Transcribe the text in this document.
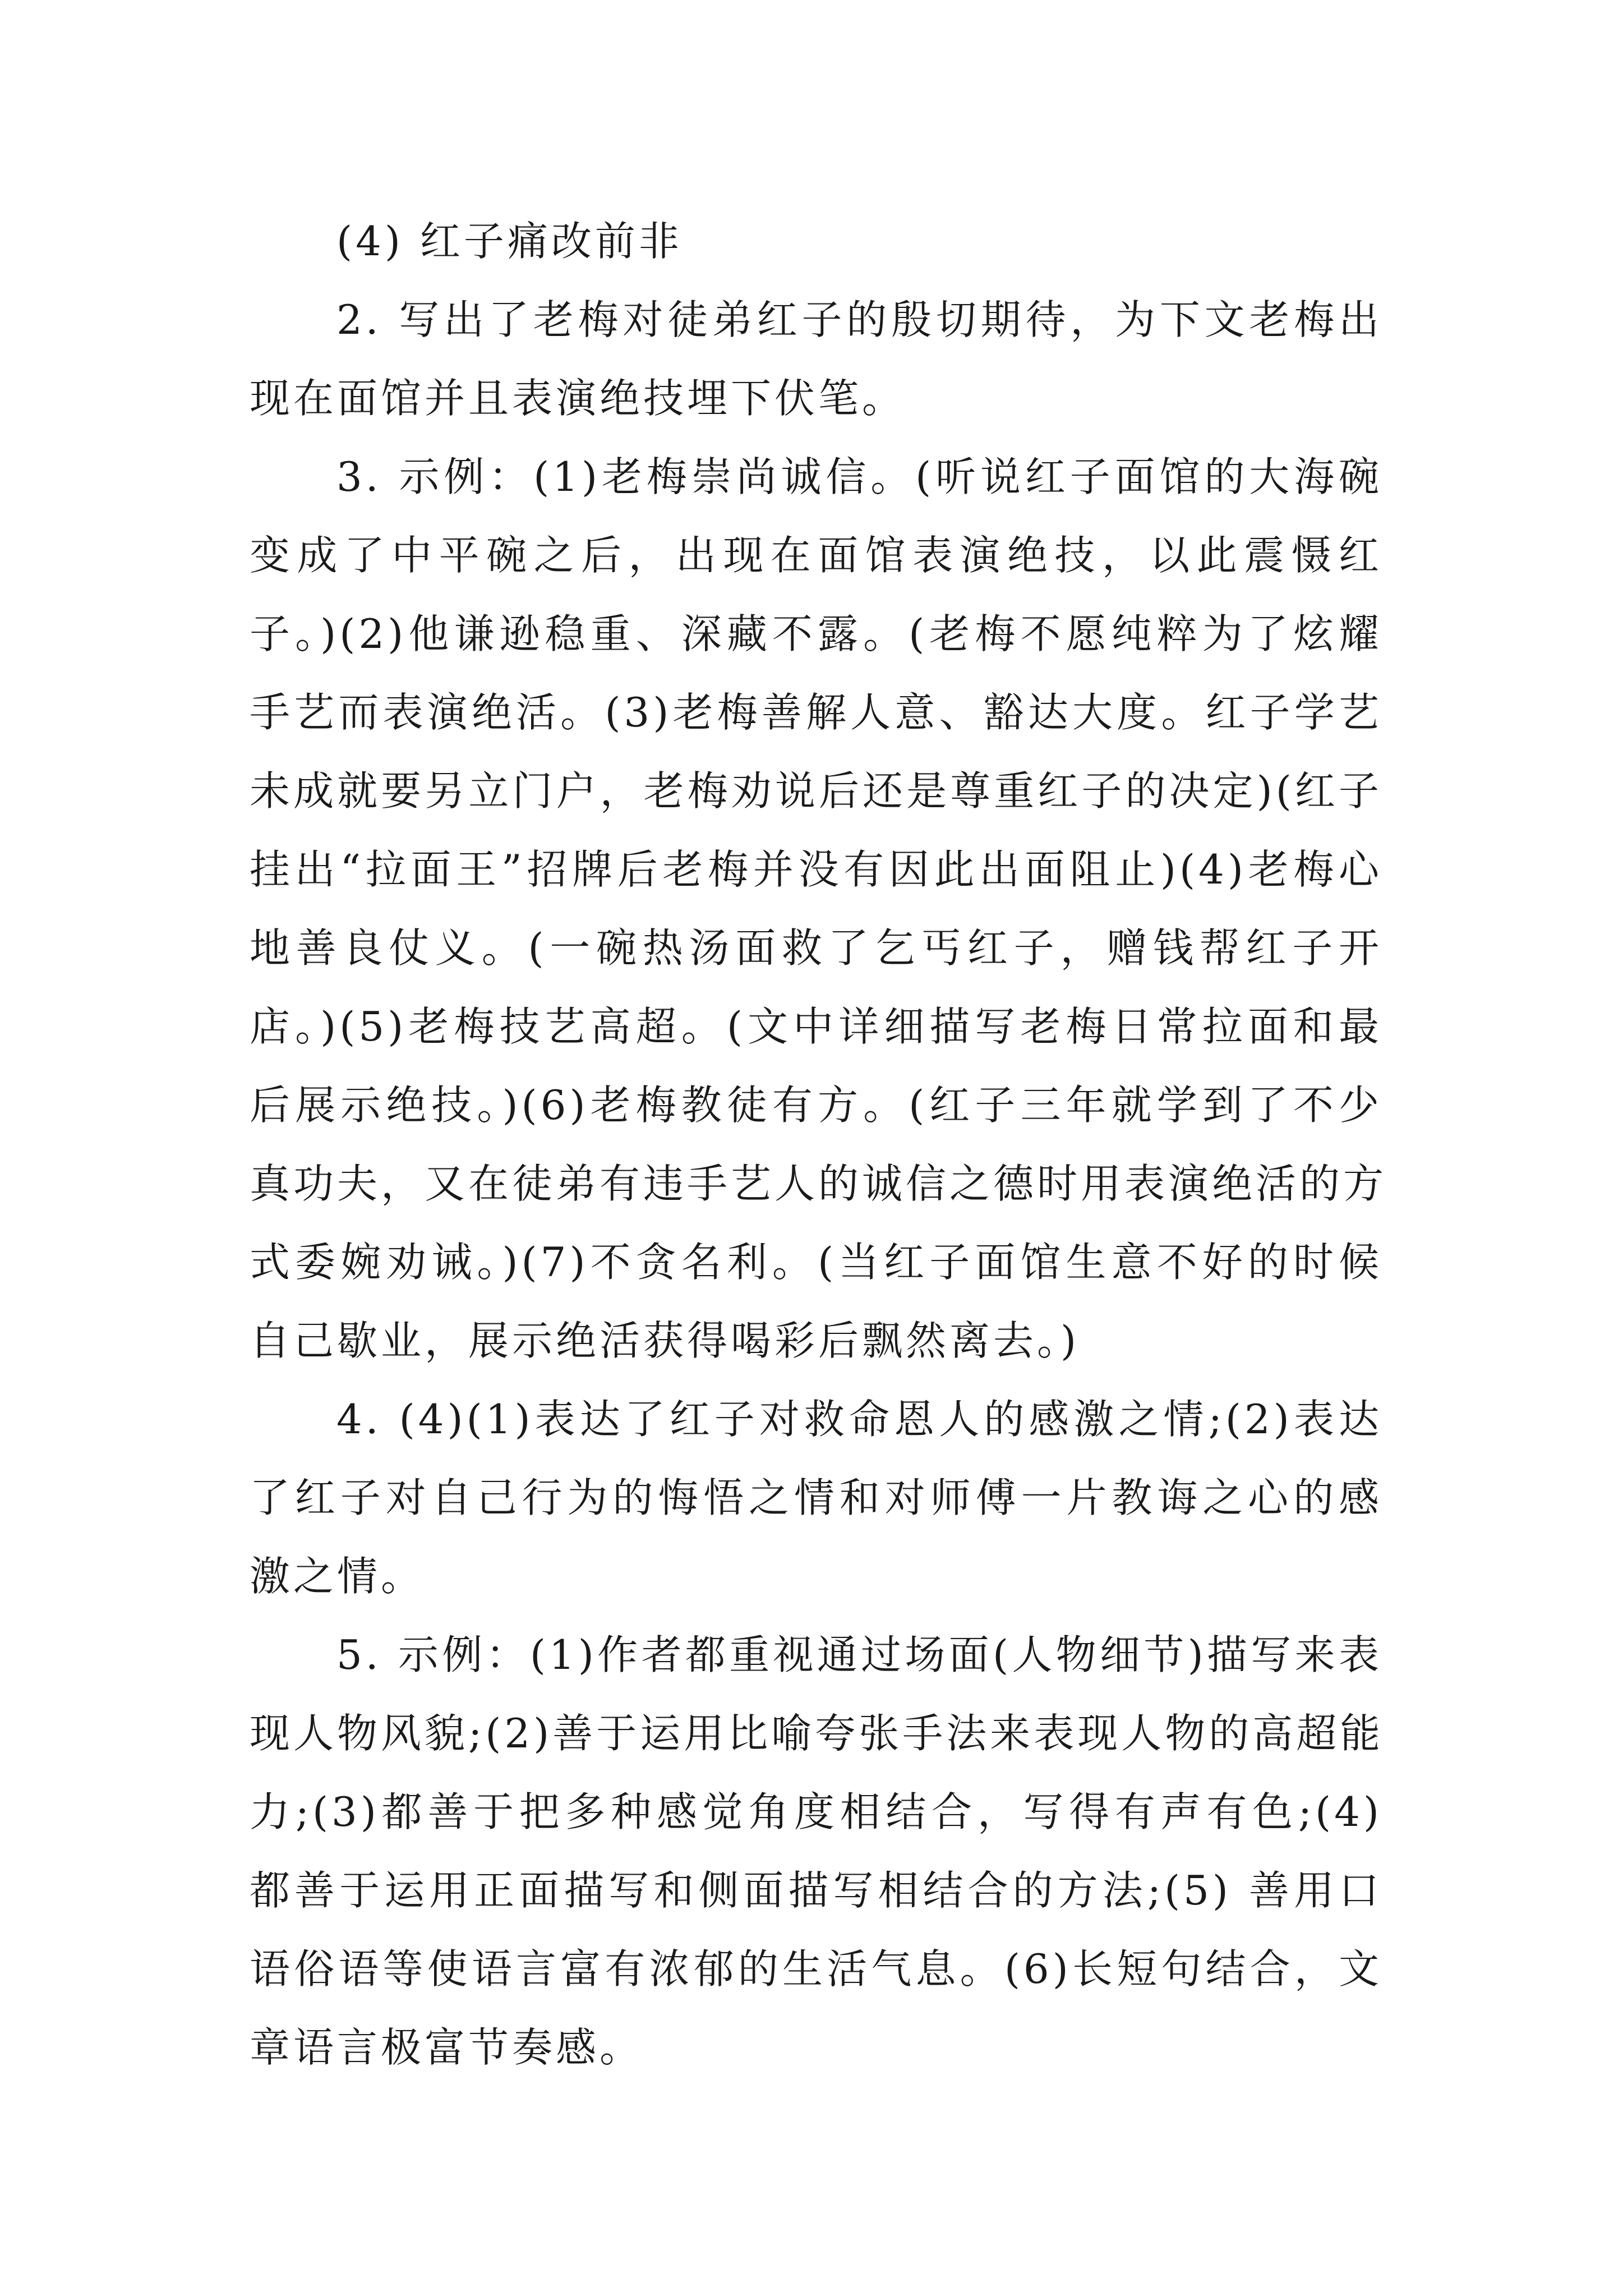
(4) 红子痛改前非
2. 写出了老梅对徒弟红子的殷切期待，为下文老梅出
现在面馆并且表演绝技埋下伏笔。
3. 示例：(1)老梅崇尚诚信。(听说红子面馆的大海碗
变成了中平碗之后，出现在面馆表演绝技，以此震慑红
子。)(2)他谦逊稳重、深藏不露。(老梅不愿纯粹为了炫耀
手艺而表演绝活。(3)老梅善解人意、豁达大度。红子学艺
未成就要另立门户，老梅劝说后还是尊重红子的决定)(红子
挂出“拉面王”招牌后老梅并没有因此出面阻止)(4)老梅心
地善良仗义。(一碗热汤面救了乞丐红子，赠钱帮红子开
店。)(5)老梅技艺高超。(文中详细描写老梅日常拉面和最
后展示绝技。)(6)老梅教徒有方。(红子三年就学到了不少
真功夫，又在徒弟有违手艺人的诚信之德时用表演绝活的方
式委婉劝诫。)(7)不贪名利。(当红子面馆生意不好的时候
自己歇业，展示绝活获得喝彩后飘然离去。)
4. (4)(1)表达了红子对救命恩人的感激之情;(2)表达
了红子对自己行为的悔悟之情和对师傅一片教诲之心的感
激之情。
5. 示例：(1)作者都重视通过场面(人物细节)描写来表
现人物风貌;(2)善于运用比喻夸张手法来表现人物的高超能
力;(3)都善于把多种感觉角度相结合，写得有声有色;(4)
都善于运用正面描写和侧面描写相结合的方法;(5) 善用口
语俗语等使语言富有浓郁的生活气息。(6)长短句结合，文
章语言极富节奏感。
